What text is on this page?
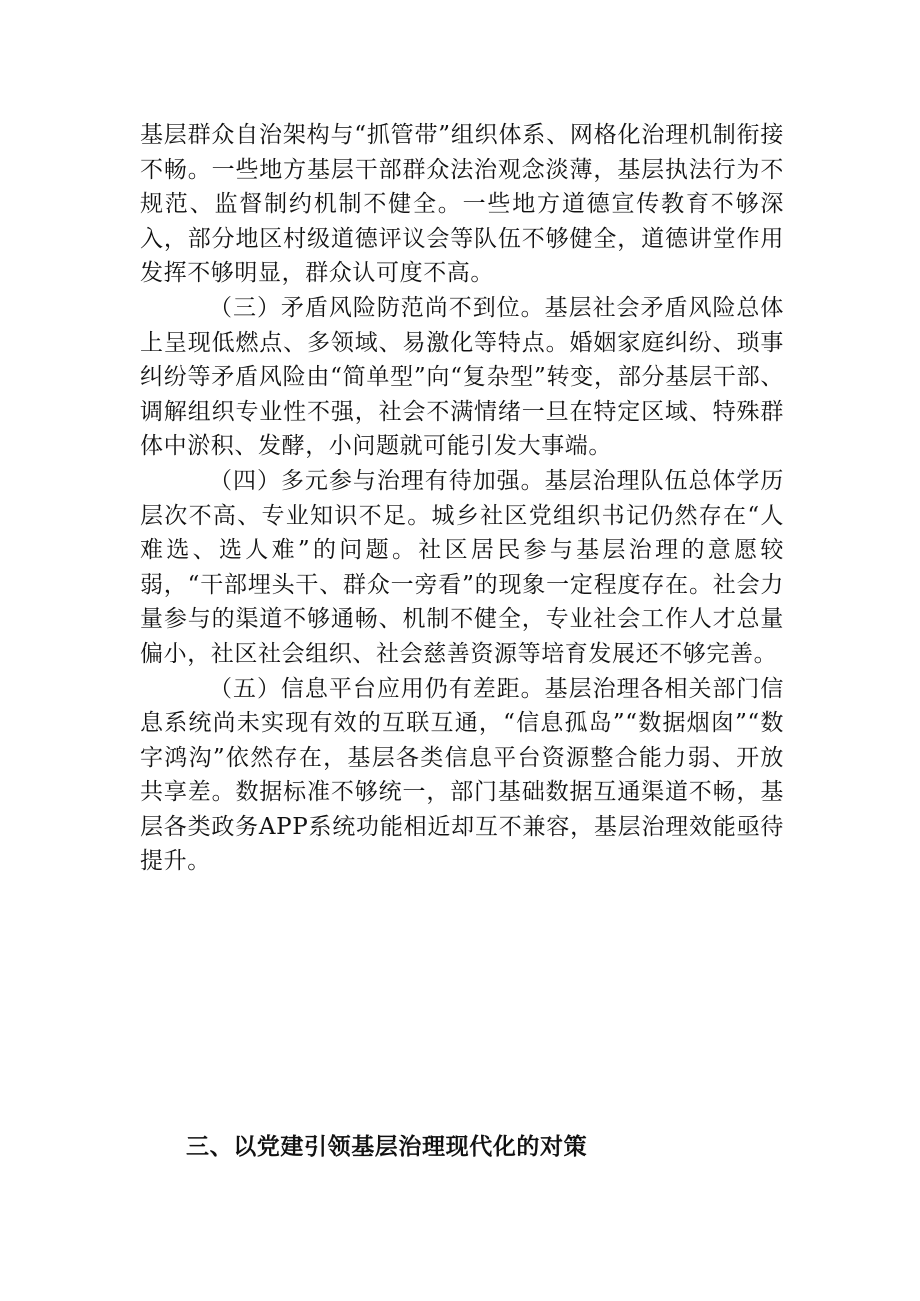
基层群众自治架构与“抓管带”组织体系、网格化治理机制衔接不畅。一些地方基层干部群众法治观念淡薄，基层执法行为不规范、监督制约机制不健全。一些地方道德宣传教育不够深入，部分地区村级道德评议会等队伍不够健全，道德讲堂作用发挥不够明显，群众认可度不高。

（三）矛盾风险防范尚不到位。基层社会矛盾风险总体上呈现低燃点、多领域、易激化等特点。婚姻家庭纠纷、琐事纠纷等矛盾风险由“简单型”向“复杂型”转变，部分基层干部、调解组织专业性不强，社会不满情绪一旦在特定区域、特殊群体中淤积、发酵，小问题就可能引发大事端。

（四）多元参与治理有待加强。基层治理队伍总体学历层次不高、专业知识不足。城乡社区党组织书记仍然存在“人难选、选人难”的问题。社区居民参与基层治理的意愿较弱，“干部埋头干、群众一旁看”的现象一定程度存在。社会力量参与的渠道不够通畅、机制不健全，专业社会工作人才总量偏小，社区社会组织、社会慈善资源等培育发展还不够完善。

（五）信息平台应用仍有差距。基层治理各相关部门信息系统尚未实现有效的互联互通，“信息孤岛”“数据烟囱”“数字鸿沟”依然存在，基层各类信息平台资源整合能力弱、开放共享差。数据标准不够统一，部门基础数据互通渠道不畅，基层各类政务APP系统功能相近却互不兼容，基层治理效能亟待提升。

三、以党建引领基层治理现代化的对策
